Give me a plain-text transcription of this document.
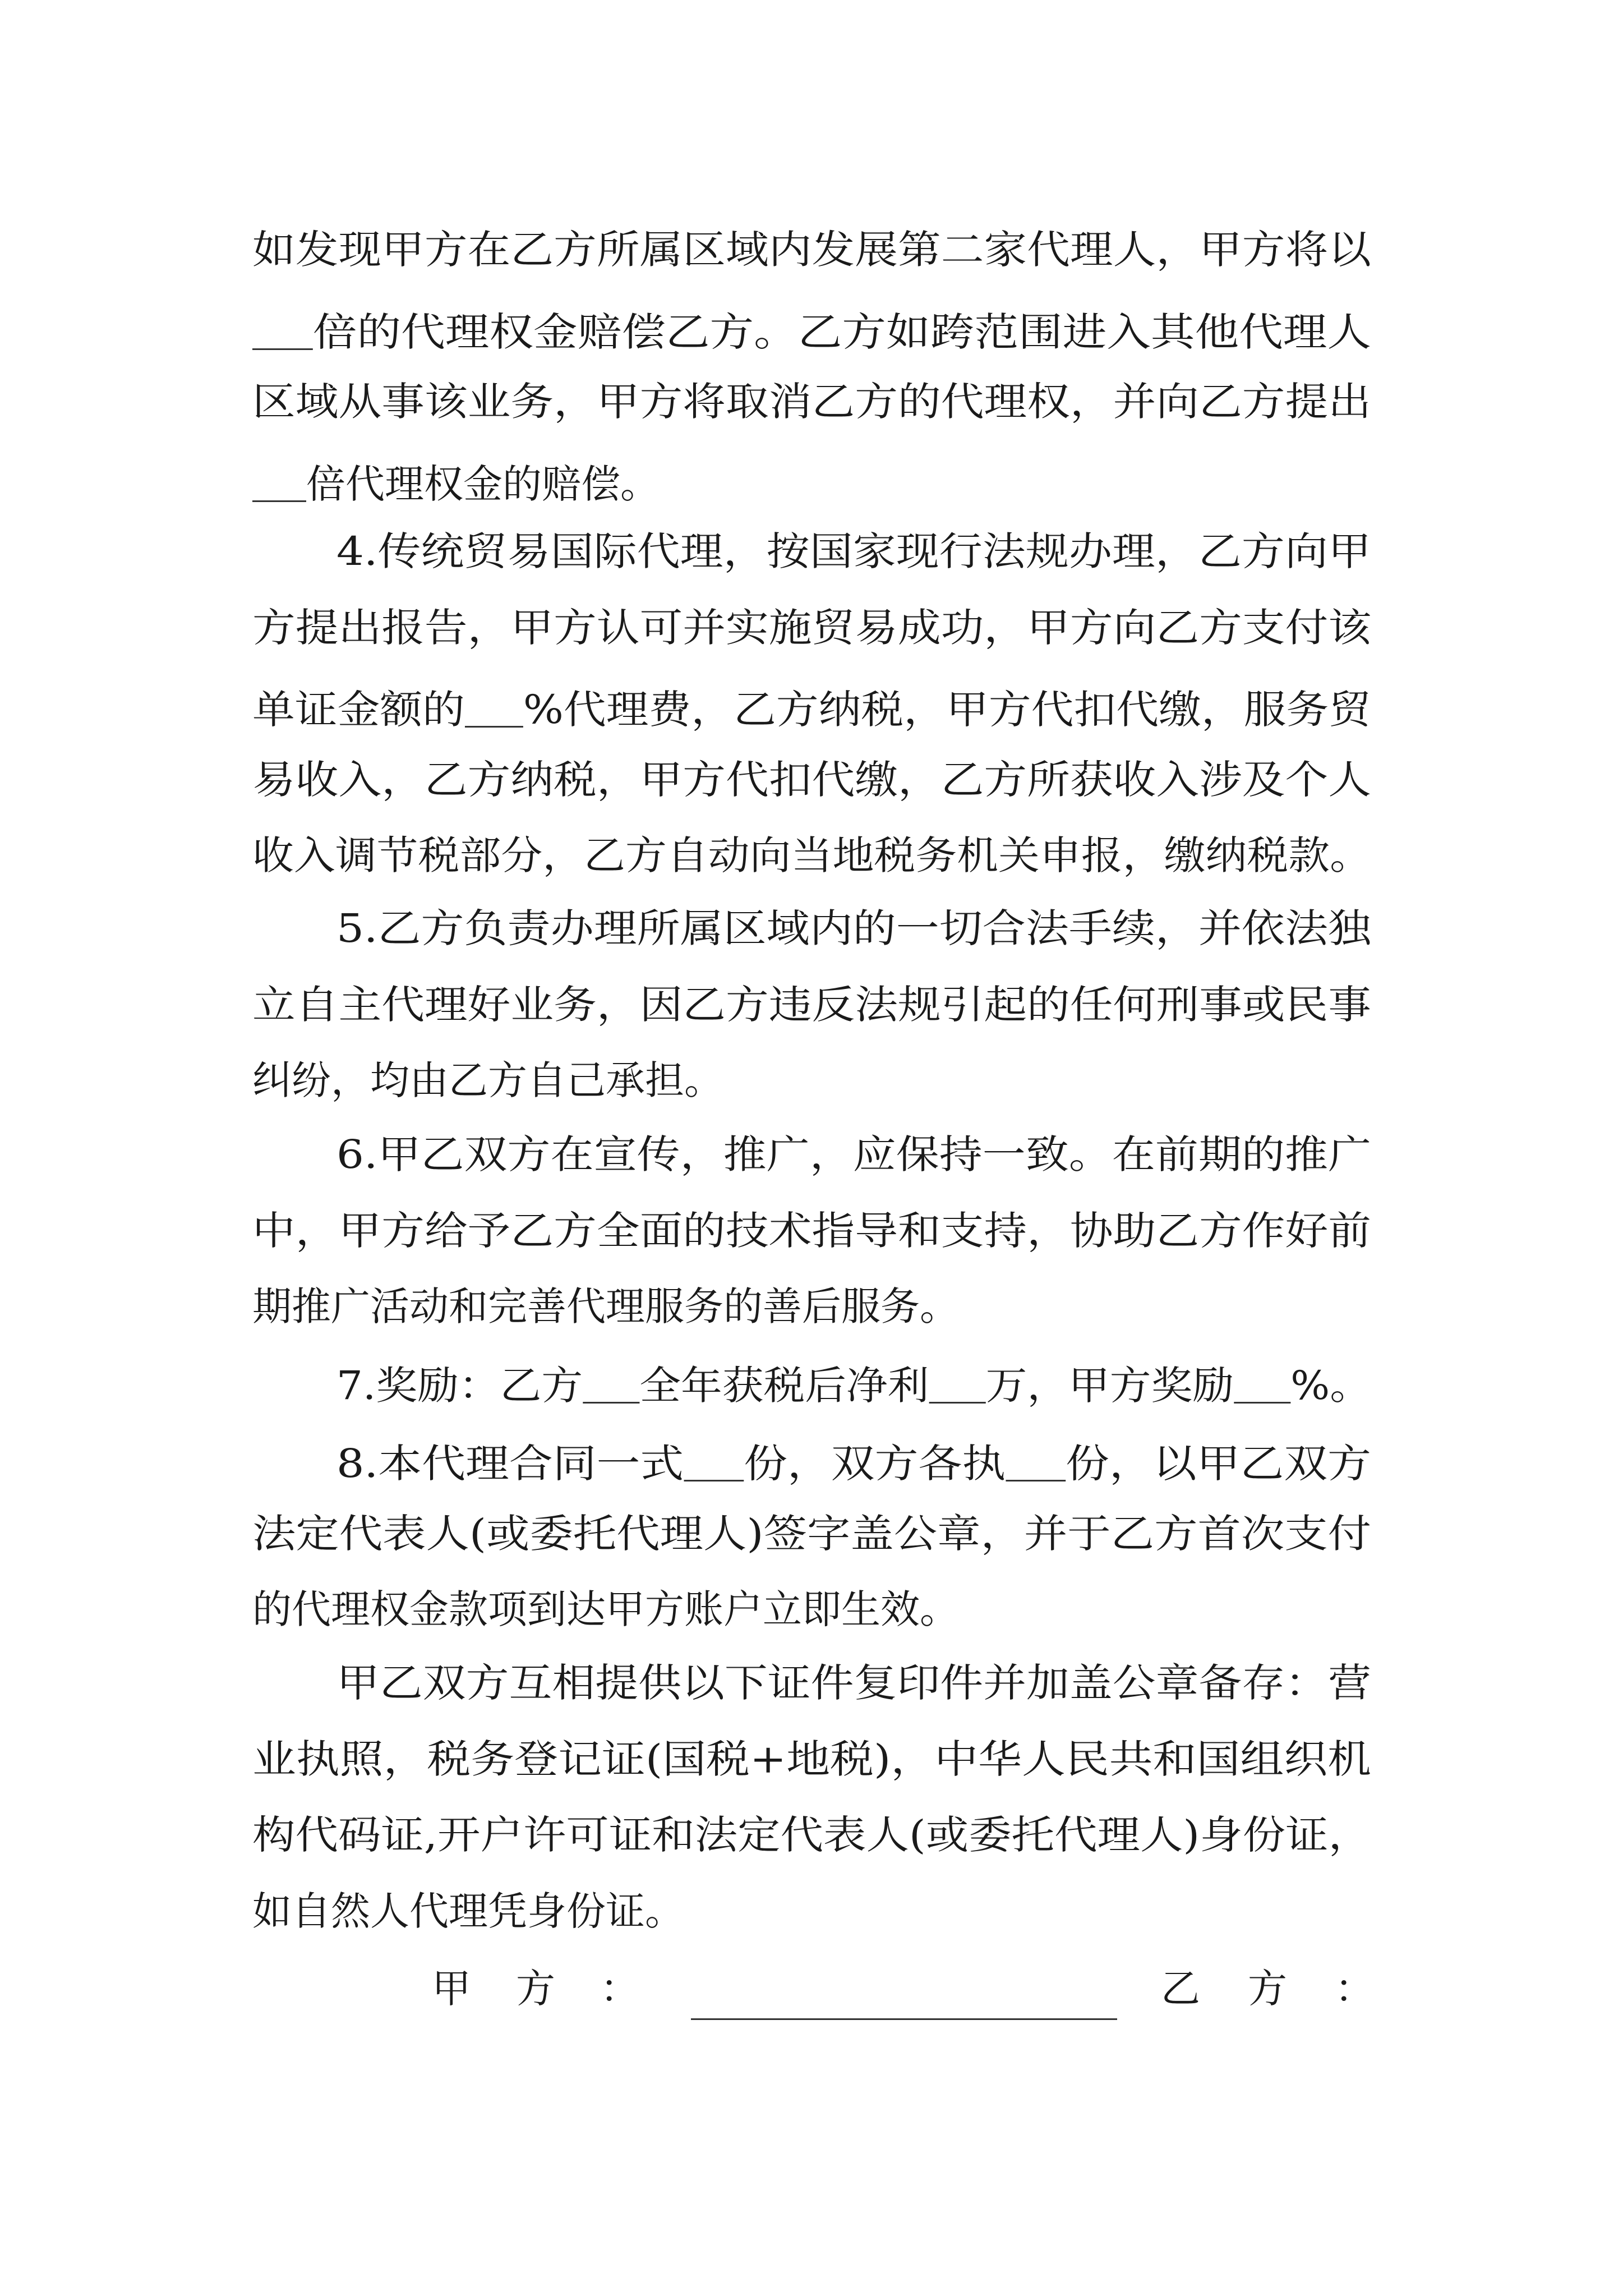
如发现甲方在乙方所属区域内发展第二家代理人，甲方将以
倍的代理权金赔偿乙方。乙方如跨范围进入其他代理人
区域从事该业务，甲方将取消乙方的代理权，并向乙方提出
倍代理权金的赔偿。
4.传统贸易国际代理，按国家现行法规办理，乙方向甲
方提出报告，甲方认可并实施贸易成功，甲方向乙方支付该
单证金额的 %代理费，乙方纳税，甲方代扣代缴，服务贸
易收入，乙方纳税，甲方代扣代缴，乙方所获收入涉及个人
收入调节税部分，乙方自动向当地税务机关申报，缴纳税款。
5.乙方负责办理所属区域内的一切合法手续，并依法独
立自主代理好业务，因乙方违反法规引起的任何刑事或民事
纠纷，均由乙方自己承担。
6.甲乙双方在宣传，推广，应保持一致。在前期的推广
中，甲方给予乙方全面的技术指导和支持，协助乙方作好前
期推广活动和完善代理服务的善后服务。
7.奖励：乙方 全年获税后净利 万，甲方奖励 %。
8.本代理合同一式 份，双方各执 份，以甲乙双方
法定代表人(或委托代理人)签字盖公章，并于乙方首次支付
的代理权金款项到达甲方账户立即生效。
甲乙双方互相提供以下证件复印件并加盖公章备存：营
业执照，税务登记证(国税+地税)，中华人民共和国组织机
构代码证,开户许可证和法定代表人(或委托代理人)身份证，
如自然人代理凭身份证。
甲 方 ：	乙 方 ：
